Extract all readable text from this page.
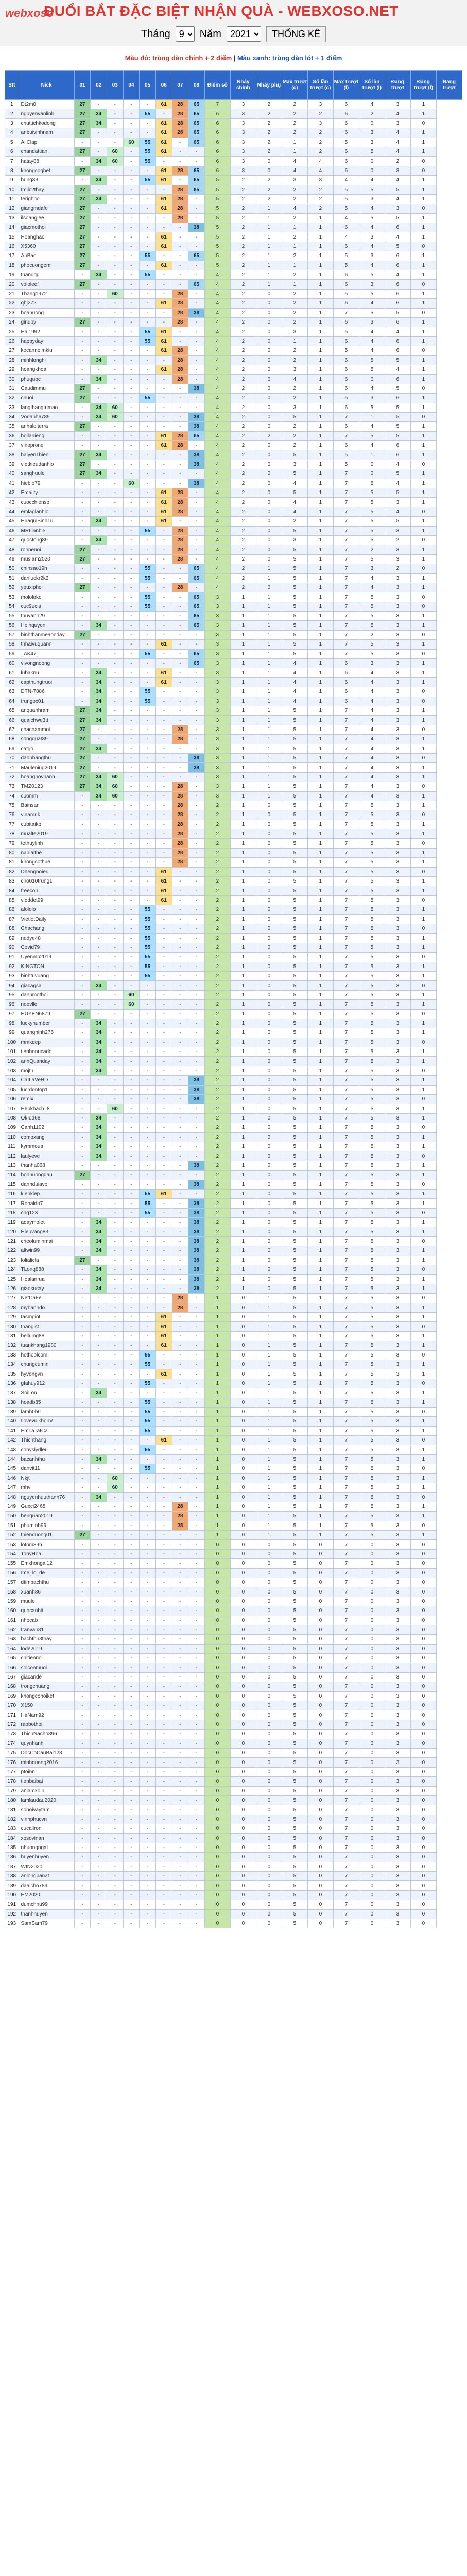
webxoso
ĐUỔI BẮT ĐẶC BIỆT NHẬN QUÀ - WEBXOSO.NET
Tháng
9	Năm
2021	THỐNG KÊ
Màu đỏ: trùng dàn chính + 2 điểm | Màu xanh: trùng dàn lót + 1 điểm
Stt	Nick	01	02	03	04	05	06	07	08	Điểm số	Nháy chính	Nháy phụ	Max trượt (c)	Số lần trượt (c)	Max trượt (l)	Số lần trượt (l)	Đang trượt	Đang trượt (l)	Đang trượt
1	Dt2m0	27	-	-	-	-	61	28	65	7	3	2	2	3	6	4	3	1	
2	nguyenvanlinh	27	34	-	-	55	-	28	65	6	3	2	2	2	6	2	4	1	
3	chuttichkodong	27	34	-	-	-	61	28	65	6	3	2	2	3	6	0	3	0	
4	anbuivinhnam	27	-	-	-	-	61	28	65	6	3	2	2	2	6	3	4	1	
5	AllClap	-	-	-	60	55	61	-	65	6	3	2	1	2	5	3	4	1	
6	chandattian	27	-	60	-	55	61	-	-	6	3	2	1	2	6	5	4	1	
7	hatay88	-	34	60	-	55	-	-	-	6	3	0	4	4	6	0	2	0	
8	khongcoghet	27	-	-	-	-	61	28	65	6	3	0	4	4	6	0	3	0	
9	hung83	-	34	-	-	55	61	-	65	5	2	2	3	3	4	4	4	1	
10	tmilc2thay	27	-	-	-	-	-	28	65	5	2	2	2	2	5	5	5	1	
11	terighno	27	34	-	-	-	61	28	-	5	2	2	2	2	5	3	4	1	
12	giangmdafe	27	-	-	-	-	61	28	-	5	2	1	4	2	5	4	3	0	
13	ilsoanglee	27	-	-	-	-	-	28	-	5	2	1	2	1	4	5	5	1	
14	giacmothoi	27	-	-	-	-	-	-	38	5	2	1	1	1	6	4	6	1	
15	Hoanghac	27	-	-	-	-	61	-	-	5	2	1	2	1	4	3	4	1	
16	X5360	27	-	-	-	-	61	-	-	5	2	1	1	1	6	4	5	0	
17	AnBao	27	-	-	-	55	-	-	65	5	2	1	2	1	5	3	6	1	
18	phocuongem	27	-	-	-	-	61	-	-	5	2	1	1	1	5	4	6	1	
19	tuandgg	-	34	-	-	55	-	-	-	4	2	1	2	1	6	5	4	1	
20	vololeef	27	-	-	-	-	-	-	65	4	2	1	1	1	6	3	6	0	
21	Thang1972	-	-	60	-	-	-	28	-	4	2	0	2	1	5	5	6	1	
22	qhj272	-	-	-	-	-	61	28	-	4	2	0	2	1	6	4	6	1	
23	hoahuong	-	-	-	-	-	-	28	38	4	2	0	2	1	7	5	5	0	
24	giriuby	27	-	-	-	-	-	28	-	4	2	0	2	1	6	3	6	1	
25	Hai1992	-	-	-	-	55	61	-	-	4	2	0	3	1	5	4	4	1	
26	happyday	-	-	-	-	55	61	-	-	4	2	0	1	1	6	4	6	1	
27	kocannoimkiu	-	-	-	-	-	61	28	-	4	2	0	2	1	5	4	6	0	
28	minhlonghi	-	34	-	-	-	-	28	-	4	2	0	2	1	6	5	5	1	
29	hoangkhoa	-	-	-	-	-	61	28	-	4	2	0	3	1	6	5	4	1	
30	phuquoc	-	34	-	-	-	-	28	-	4	2	0	4	1	6	0	6	1	
31	Caudimmu	27	-	-	-	-	-	-	38	4	2	0	2	1	6	4	5	0	
32	chuoi	27	-	-	-	55	-	-	-	4	2	0	2	1	5	3	6	1	
33	langthangtrimao	-	34	60	-	-	-	-	-	4	2	0	3	1	6	5	5	1	
34	Vodanh6789	-	34	60	-	-	-	-	38	4	2	0	5	1	7	1	5	0	
35	anhaloiterra	27	-	-	-	-	-	-	38	4	2	0	2	1	6	4	5	1	
36	hoilanieng	-	-	-	-	-	61	28	65	4	2	2	2	1	7	5	5	1	
37	vinoprone	-	-	-	-	-	61	28	-	4	2	0	2	1	6	4	6	1	
38	haiyen1hien	27	34	-	-	-	-	-	38	4	2	0	5	1	5	1	6	1	
39	vietkieudanhio	27	-	-	-	-	-	-	38	4	2	0	3	1	5	0	4	0	
40	sanghuule	27	34	-	-	-	-	-	-	4	2	0	5	1	7	0	5	1	
41	hieble79	-	-	-	60	-	-	-	38	4	2	0	4	1	7	5	4	1	
42	Emailty	-	-	-	-	-	61	28	-	4	2	0	5	1	7	5	5	1	
43	cuocchienso	-	-	-	-	-	61	28	-	4	2	0	4	1	7	5	3	1	
44	emlaglanhlo	-	-	-	-	-	61	28	-	4	2	0	4	1	7	5	4	0	
45	HuaquiBinh1u	-	34	-	-	-	61	-	-	4	2	0	2	1	7	5	5	1	
46	MR6ianbi5	-	-	-	-	55	-	28	-	4	2	0	5	1	7	5	3	1	
47	quoctong89	-	34	-	-	-	-	28	-	4	2	0	3	1	7	5	2	0	
48	ronnenoi	27	-	-	-	-	-	28	-	4	2	0	5	1	7	2	3	1	
49	muslam2020	27	-	-	-	-	-	28	-	4	2	0	5	1	7	5	3	1	
50	chinsao19h	-	-	-	-	55	-	-	65	4	2	1	5	1	7	3	2	0	
51	danluckr2k2	-	-	-	-	55	-	-	65	4	2	1	5	1	7	4	3	1	
52	yeuxiphoi	27	-	-	-	-	-	28	-	4	2	0	5	1	7	4	3	1	
53	mololoke	-	-	-	-	55	-	-	65	3	1	1	5	1	7	5	3	0	
54	cuc9ucis	-	-	-	-	55	-	-	65	3	1	1	5	1	7	5	3	0	
55	thuyanh29	-	-	-	-	-	-	-	65	3	1	1	5	1	7	5	3	1	
56	Hoihguyen	-	34	-	-	-	-	-	65	3	1	1	5	1	7	5	3	1	
57	binhthanmeaonday	27	-	-	-	-	-	-	-	3	1	1	5	1	7	2	3	0	
58	thhaivuquann	-	-	-	-	-	61	-	-	3	1	1	5	1	7	5	3	1	
59	_AK47_	-	-	-	-	55	-	-	65	3	1	1	5	1	7	5	3	0	
60	vivongnoong	-	-	-	-	-	-	-	65	3	1	1	4	1	6	3	3	1	
61	lubaknu	-	34	-	-	-	61	-	-	3	1	1	4	1	6	4	3	1	
62	captnungtruoi	-	34	-	-	-	61	-	-	3	1	1	4	1	6	4	3	1	
63	DTN-7886	-	34	-	-	55	-	-	-	3	1	1	4	1	6	4	3	0	
64	trungoc01	-	34	-	-	55	-	-	-	3	1	1	4	1	6	4	3	0	
65	anquanhram	27	34	-	-	-	-	-	-	3	1	1	5	1	7	4	3	1	
66	quaichwe3tt	27	34	-	-	-	-	-	-	3	1	1	5	1	7	4	3	1	
67	chacnammoi	27	-	-	-	-	-	28	-	3	1	1	5	1	7	4	3	0	
68	songquat39	27	-	-	-	-	-	28	-	3	1	1	5	1	7	4	3	1	
69	catgo	27	34	-	-	-	-	-	-	3	1	1	5	1	7	4	3	1	
70	danhbangthu	27	-	-	-	-	-	-	38	3	1	1	5	1	7	4	3	0	
71	Mauleniug2019	27	-	-	-	-	-	-	38	3	1	1	5	1	7	4	3	1	
72	hoanghovnanh	27	34	60	-	-	-	-	-	3	1	1	5	1	7	4	3	1	
73	TMZ0123	27	34	60	-	-	-	28	-	3	1	1	5	1	7	4	3	0	
74	cuomm	-	34	60	-	-	-	28	-	3	1	1	5	1	7	4	3	1	
75	Bainsan	-	-	-	-	-	-	28	-	2	1	0	5	1	7	5	3	1	
76	vinamrlk	-	-	-	-	-	-	28	-	2	1	0	5	1	7	5	3	0	
77	cubitaiko	-	-	-	-	-	-	28	-	2	1	0	5	1	7	5	3	1	
78	mualte2019	-	-	-	-	-	-	28	-	2	1	0	5	1	7	5	3	1	
79	tethuylinh	-	-	-	-	-	-	28	-	2	1	0	5	1	7	5	3	0	
80	naulaithe	-	-	-	-	-	-	28	-	2	1	0	5	1	7	5	3	1	
81	khongcothue	-	-	-	-	-	-	28	-	2	1	0	5	1	7	5	3	1	
82	Dhengnoieu	-	-	-	-	-	61	-	-	2	1	0	5	1	7	5	3	0	
83	cho010trung1	-	-	-	-	-	61	-	-	2	1	0	5	1	7	5	3	1	
84	freecon	-	-	-	-	-	61	-	-	2	1	0	5	1	7	5	3	1	
85	vleddet99	-	-	-	-	-	61	-	-	2	1	0	5	1	7	5	3	0	
86	alololo	-	-	-	-	55	-	-	-	2	1	0	5	1	7	5	3	1	
87	VietlotDaily	-	-	-	-	55	-	-	-	2	1	0	5	1	7	5	3	1	
88	Chachang	-	-	-	-	55	-	-	-	2	1	0	5	1	7	5	3	0	
89	nodye48	-	-	-	-	55	-	-	-	2	1	0	5	1	7	5	3	1	
90	Covid79	-	-	-	-	55	-	-	-	2	1	0	5	1	7	5	3	1	
91	Uyenmb2019	-	-	-	-	55	-	-	-	2	1	0	5	1	7	5	3	0	
92	KINGTON	-	-	-	-	55	-	-	-	2	1	0	5	1	7	5	3	1	
93	binhtuvuang	-	-	-	-	55	-	-	-	2	1	0	5	1	7	5	3	1	
94	giacagsa	-	34	-	-	-	-	-	-	2	1	0	5	1	7	5	3	0	
95	danhmothoi	-	-	-	60	-	-	-	-	2	1	0	5	1	7	5	3	1	
96	noevlle	-	-	-	60	-	-	-	-	2	1	0	5	1	7	5	3	1	
97	HUYEN6879	27	-	-	-	-	-	-	-	2	1	0	5	1	7	5	3	0	
98	luckynumber	-	34	-	-	-	-	-	-	2	1	0	5	1	7	5	3	1	
99	quangninh276	-	34	-	-	-	-	-	-	2	1	0	5	1	7	5	3	1	
100	mmkdep	-	34	-	-	-	-	-	-	2	1	0	5	1	7	5	3	0	
101	tienhonucado	-	34	-	-	-	-	-	-	2	1	0	5	1	7	5	3	1	
102	anhQuanday	-	34	-	-	-	-	-	-	2	1	0	5	1	7	5	3	1	
103	mojtn	-	34	-	-	-	-	-	-	2	1	0	5	1	7	5	3	0	
104	CaILaVeHD	-	-	-	-	-	-	-	38	2	1	0	5	1	7	5	3	1	
105	lucrdontop1	-	-	-	-	-	-	-	38	2	1	0	5	1	7	5	3	1	
106	remix	-	-	-	-	-	-	-	38	2	1	0	5	1	7	5	3	0	
107	Hepkhach_8	-	-	60	-	-	-	-	-	2	1	0	5	1	7	5	3	1	
108	OkIdd68	-	34	-	-	-	-	-	-	2	1	0	5	1	7	5	3	1	
109	Canh1102	-	34	-	-	-	-	-	-	2	1	0	5	1	7	5	3	0	
110	comoxang	-	34	-	-	-	-	-	-	2	1	0	5	1	7	5	3	1	
111	kymmoua	-	34	-	-	-	-	-	-	2	1	0	5	1	7	5	3	1	
112	laulyeve	-	34	-	-	-	-	-	-	2	1	0	5	1	7	5	3	0	
113	thanha068	-	-	-	-	-	-	-	38	2	1	0	5	1	7	5	3	1	
114	bonhuongdau	27	-	-	-	-	-	-	-	2	1	0	5	1	7	5	3	1	
115	danhduiavo	-	-	-	-	-	-	-	38	2	1	0	5	1	7	5	3	0	
116	kiepkiep	-	-	-	-	55	61	-	-	2	1	0	5	1	7	5	3	1	
117	Ronaldo7	-	-	-	-	55	-	-	38	2	1	0	5	1	7	5	3	1	
118	chg123	-	-	-	-	55	-	-	38	2	1	0	5	1	7	5	3	0	
119	adaymolet	-	34	-	-	-	-	-	38	2	1	0	5	1	7	5	3	1	
120	Hieuvang83	-	34	-	-	-	-	-	38	2	1	0	5	1	7	5	3	1	
121	cheoluminmai	-	34	-	-	-	-	-	38	2	1	0	5	1	7	5	3	0	
122	altwin99	-	34	-	-	-	-	-	38	2	1	0	5	1	7	5	3	1	
123	lolialicla	27	-	-	-	-	-	-	38	2	1	0	5	1	7	5	3	1	
124	TLong888	-	34	-	-	-	-	-	38	2	1	0	5	1	7	5	3	0	
125	Hoalanrua	-	34	-	-	-	-	-	38	2	1	0	5	1	7	5	3	1	
126	giaosucay	-	34	-	-	-	-	-	38	2	1	0	5	1	7	5	3	1	
127	NetCaFe	-	-	-	-	-	-	28	-	1	0	1	5	1	7	5	3	0	
128	myhanhdo	-	-	-	-	-	-	28	-	1	0	1	5	1	7	5	3	1	
129	tasmgiot	-	-	-	-	-	61	-	-	1	0	1	5	1	7	5	3	1	
130	thanglst	-	-	-	-	-	61	-	-	1	0	1	5	1	7	5	3	0	
131	belluing88	-	-	-	-	-	61	-	-	1	0	1	5	1	7	5	3	1	
132	tuankhang1980	-	-	-	-	-	61	-	-	1	0	1	5	1	7	5	3	1	
133	hothoolcom	-	-	-	-	55	-	-	-	1	0	1	5	1	7	5	3	0	
134	chungcumini	-	-	-	-	55	-	-	-	1	0	1	5	1	7	5	3	1	
135	hyvongvn	-	-	-	-	-	61	-	-	1	0	1	5	1	7	5	3	1	
136	gfahuy912	-	-	-	-	55	-	-	-	1	0	1	5	1	7	5	3	0	
137	SoiLon	-	34	-	-	-	-	-	-	1	0	1	5	1	7	5	3	1	
138	hoadb85	-	-	-	-	55	-	-	-	1	0	1	5	1	7	5	3	1	
139	lamh0bC	-	-	-	-	55	-	-	-	1	0	1	5	1	7	5	3	0	
140	IlovevuikhonV	-	-	-	-	55	-	-	-	1	0	1	5	1	7	5	3	1	
141	EmLaTatCa	-	-	-	-	55	-	-	-	1	0	1	5	1	7	5	3	1	
142	Thichthang	-	-	-	-	-	61	-	-	1	0	1	5	1	7	5	3	0	
143	conyslydleu	-	-	-	-	55	-	-	-	1	0	1	5	1	7	5	3	1	
144	bacanhthu	-	34	-	-	-	-	-	-	1	0	1	5	1	7	5	3	1	
145	danvit11	-	-	-	-	55	-	-	-	1	0	1	5	1	7	5	3	0	
146	Nkjt	-	-	60	-	-	-	-	-	1	0	1	5	1	7	5	3	1	
147	mhv	-	-	60	-	-	-	-	-	1	0	1	5	1	7	5	3	1	
148	nguyenhuuthanh76	-	34	-	-	-	-	-	-	1	0	1	5	1	7	5	3	0	
149	Gucci2468	-	-	-	-	-	-	28	-	1	0	1	5	1	7	5	3	1	
150	benquan2019	-	-	-	-	-	-	28	-	1	0	1	5	1	7	5	3	1	
151	phuminh99	-	-	-	-	-	-	28	-	1	0	1	5	1	7	5	3	0	
152	thienduong01	27	-	-	-	-	-	-	-	1	0	1	5	1	7	5	3	1	
153	lotom89h	-	-	-	-	-	-	-	-	0	0	0	5	0	7	0	3	0	
154	TonyHoa	-	-	-	-	-	-	-	-	0	0	0	5	0	7	0	3	0	
155	Emkhongai12	-	-	-	-	-	-	-	-	0	0	0	5	0	7	0	3	0	
156	Ime_lo_de	-	-	-	-	-	-	-	-	0	0	0	5	0	7	0	3	0	
157	dtimbachthu	-	-	-	-	-	-	-	-	0	0	0	5	0	7	0	3	0	
158	xuanh86	-	-	-	-	-	-	-	-	0	0	0	5	0	7	0	3	0	
159	muule	-	-	-	-	-	-	-	-	0	0	0	5	0	7	0	3	0	
160	quocanhtt	-	-	-	-	-	-	-	-	0	0	0	5	0	7	0	3	0	
161	nhocab	-	-	-	-	-	-	-	-	0	0	0	5	0	7	0	3	0	
162	tranvan81	-	-	-	-	-	-	-	-	0	0	0	5	0	7	0	3	0	
163	bachthu3thay	-	-	-	-	-	-	-	-	0	0	0	5	0	7	0	3	0	
164	lode2019	-	-	-	-	-	-	-	-	0	0	0	5	0	7	0	3	0	
165	chitiennoi	-	-	-	-	-	-	-	-	0	0	0	5	0	7	0	3	0	
166	soiconmuoi	-	-	-	-	-	-	-	-	0	0	0	5	0	7	0	3	0	
167	giacande	-	-	-	-	-	-	-	-	0	0	0	5	0	7	0	3	0	
168	trongchuang	-	-	-	-	-	-	-	-	0	0	0	5	0	7	0	3	0	
169	khongcohoiket	-	-	-	-	-	-	-	-	0	0	0	5	0	7	0	3	0	
170	X150	-	-	-	-	-	-	-	-	0	0	0	5	0	7	0	3	0	
171	HaNam92	-	-	-	-	-	-	-	-	0	0	0	5	0	7	0	3	0	
172	raobothoi	-	-	-	-	-	-	-	-	0	0	0	5	0	7	0	3	0	
173	ThichNacho396	-	-	-	-	-	-	-	-	0	0	0	5	0	7	0	3	0	
174	quynhanh	-	-	-	-	-	-	-	-	0	0	0	5	0	7	0	3	0	
175	DocCoCauBai123	-	-	-	-	-	-	-	-	0	0	0	5	0	7	0	3	0	
176	minhquang2016	-	-	-	-	-	-	-	-	0	0	0	5	0	7	0	3	0	
177	ptoinn	-	-	-	-	-	-	-	-	0	0	0	5	0	7	0	3	0	
178	tienbaibai	-	-	-	-	-	-	-	-	0	0	0	5	0	7	0	3	0	
179	anlamxoin	-	-	-	-	-	-	-	-	0	0	0	5	0	7	0	3	0	
180	lamlaudau2020	-	-	-	-	-	-	-	-	0	0	0	5	0	7	0	3	0	
181	sohoivaytam	-	-	-	-	-	-	-	-	0	0	0	5	0	7	0	3	0	
182	vinhphucvn	-	-	-	-	-	-	-	-	0	0	0	5	0	7	0	3	0	
183	cucailron	-	-	-	-	-	-	-	-	0	0	0	5	0	7	0	3	0	
184	xosovinan	-	-	-	-	-	-	-	-	0	0	0	5	0	7	0	3	0	
185	nhuongngat	-	-	-	-	-	-	-	-	0	0	0	5	0	7	0	3	0	
186	huyenhuyen	-	-	-	-	-	-	-	-	0	0	0	5	0	7	0	3	0	
187	WIN2020	-	-	-	-	-	-	-	-	0	0	0	5	0	7	0	3	0	
188	anlongpanat	-	-	-	-	-	-	-	-	0	0	0	5	0	7	0	3	0	
189	daalcho789	-	-	-	-	-	-	-	-	0	0	0	5	0	7	0	3	0	
190	EM2020	-	-	-	-	-	-	-	-	0	0	0	5	0	7	0	3	0	
191	dumchnu99	-	-	-	-	-	-	-	-	0	0	0	5	0	7	0	3	0	
192	thanhhuyen	-	-	-	-	-	-	-	-	0	0	0	5	0	7	0	3	0	
193	SamSam79	-	-	-	-	-	-	-	-	0	0	0	5	0	7	0	3	0	
